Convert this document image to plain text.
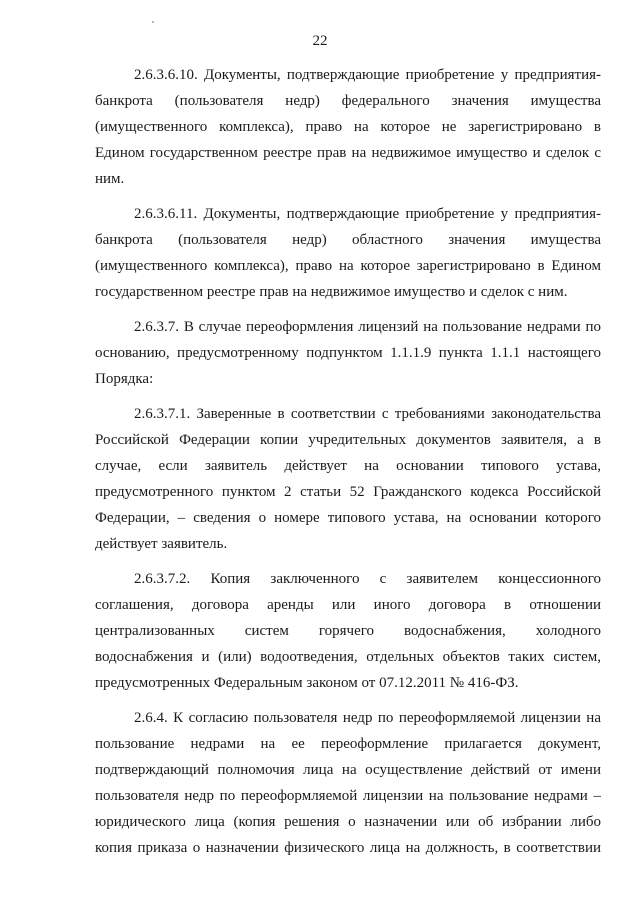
22
2.6.3.6.10. Документы, подтверждающие приобретение у предприятия-
банкрота (пользователя недр) федерального значения имущества
(имущественного комплекса), право на которое не зарегистрировано в
Едином государственном реестре прав на недвижимое имущество и сделок с
ним.
2.6.3.6.11. Документы, подтверждающие приобретение у предприятия-
банкрота (пользователя недр) областного значения имущества
(имущественного комплекса), право на которое зарегистрировано в Едином
государственном реестре прав на недвижимое имущество и сделок с ним.
2.6.3.7. В случае переоформления лицензий на пользование недрами по
основанию, предусмотренному подпунктом 1.1.1.9 пункта 1.1.1 настоящего
Порядка:
2.6.3.7.1. Заверенные в соответствии с требованиями законодательства
Российской Федерации копии учредительных документов заявителя, а в
случае, если заявитель действует на основании типового устава,
предусмотренного пунктом 2 статьи 52 Гражданского кодекса Российской
Федерации, – сведения о номере типового устава, на основании которого
действует заявитель.
2.6.3.7.2. Копия заключенного с заявителем концессионного
соглашения, договора аренды или иного договора в отношении
централизованных систем горячего водоснабжения, холодного
водоснабжения и (или) водоотведения, отдельных объектов таких систем,
предусмотренных Федеральным законом от 07.12.2011 № 416-ФЗ.
2.6.4. К согласию пользователя недр по переоформляемой лицензии на
пользование недрами на ее переоформление прилагается документ,
подтверждающий полномочия лица на осуществление действий от имени
пользователя недр по переоформляемой лицензии на пользование недрами –
юридического лица (копия решения о назначении или об избрании либо
копия приказа о назначении физического лица на должность, в соответствии
